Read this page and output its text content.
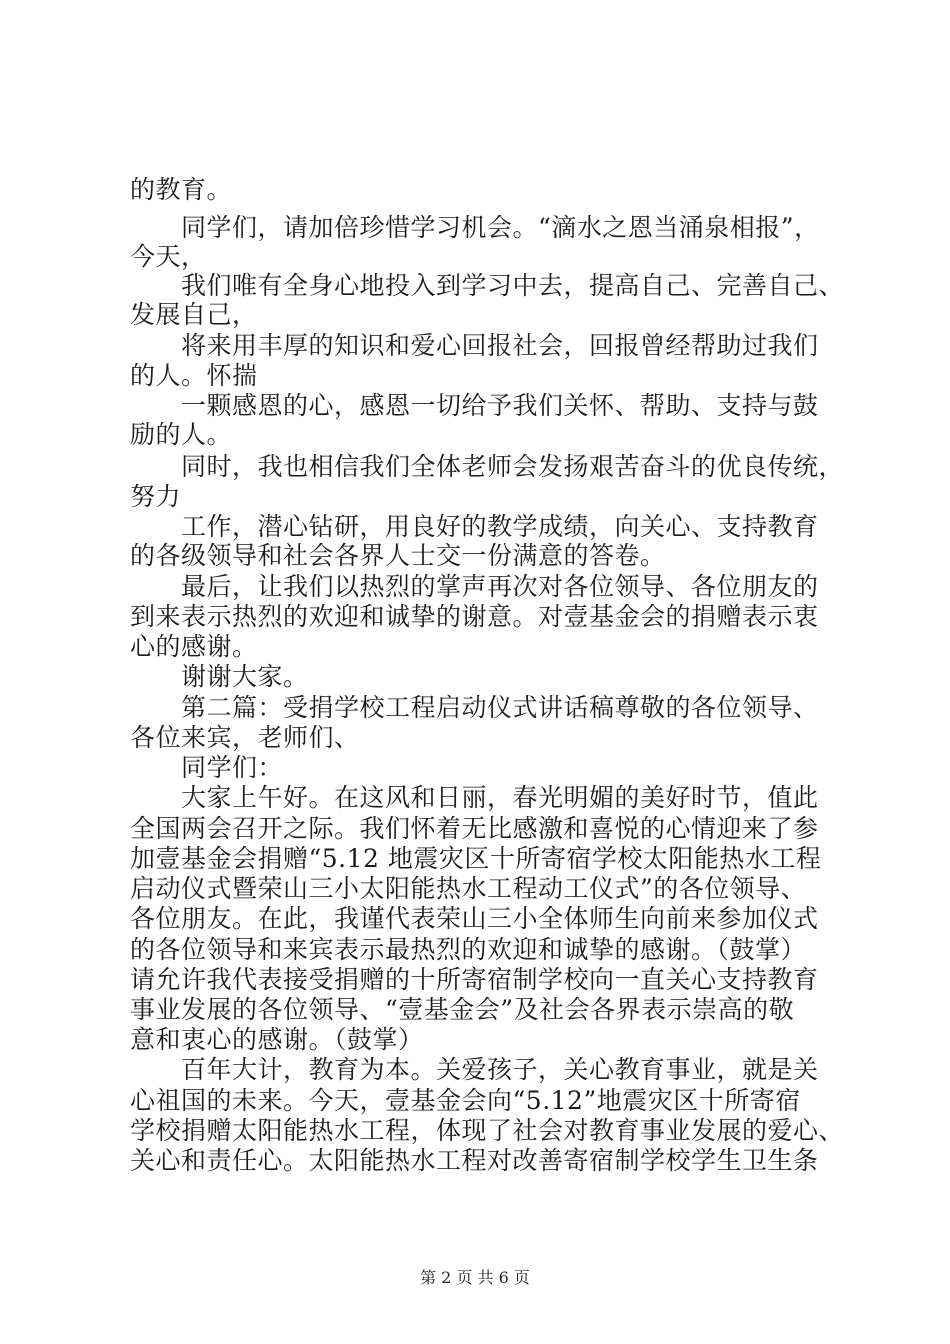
的教育。
　　同学们，请加倍珍惜学习机会。“滴水之恩当涌泉相报”，
今天，
　　我们唯有全身心地投入到学习中去，提高自己、完善自己、
发展自己，
　　将来用丰厚的知识和爱心回报社会，回报曾经帮助过我们
的人。怀揣
　　一颗感恩的心，感恩一切给予我们关怀、帮助、支持与鼓
励的人。
　　同时，我也相信我们全体老师会发扬艰苦奋斗的优良传统，
努力
　　工作，潜心钻研，用良好的教学成绩，向关心、支持教育
的各级领导和社会各界人士交一份满意的答卷。
　　最后，让我们以热烈的掌声再次对各位领导、各位朋友的
到来表示热烈的欢迎和诚挚的谢意。对壹基金会的捐赠表示衷
心的感谢。
　　谢谢大家。
　　第二篇：受捐学校工程启动仪式讲话稿尊敬的各位领导、
各位来宾，老师们、
　　同学们：
　　大家上午好。在这风和日丽，春光明媚的美好时节，值此
全国两会召开之际。我们怀着无比感激和喜悦的心情迎来了参
加壹基金会捐赠“5.12 地震灾区十所寄宿学校太阳能热水工程
启动仪式暨荣山三小太阳能热水工程动工仪式”的各位领导、
各位朋友。在此，我谨代表荣山三小全体师生向前来参加仪式
的各位领导和来宾表示最热烈的欢迎和诚挚的感谢。（鼓掌）
请允许我代表接受捐赠的十所寄宿制学校向一直关心支持教育
事业发展的各位领导、“壹基金会”及社会各界表示崇高的敬
意和衷心的感谢。（鼓掌）
　　百年大计，教育为本。关爱孩子，关心教育事业，就是关
心祖国的未来。今天，壹基金会向“5.12”地震灾区十所寄宿
学校捐赠太阳能热水工程，体现了社会对教育事业发展的爱心、
关心和责任心。太阳能热水工程对改善寄宿制学校学生卫生条
第 2 页 共 6 页
